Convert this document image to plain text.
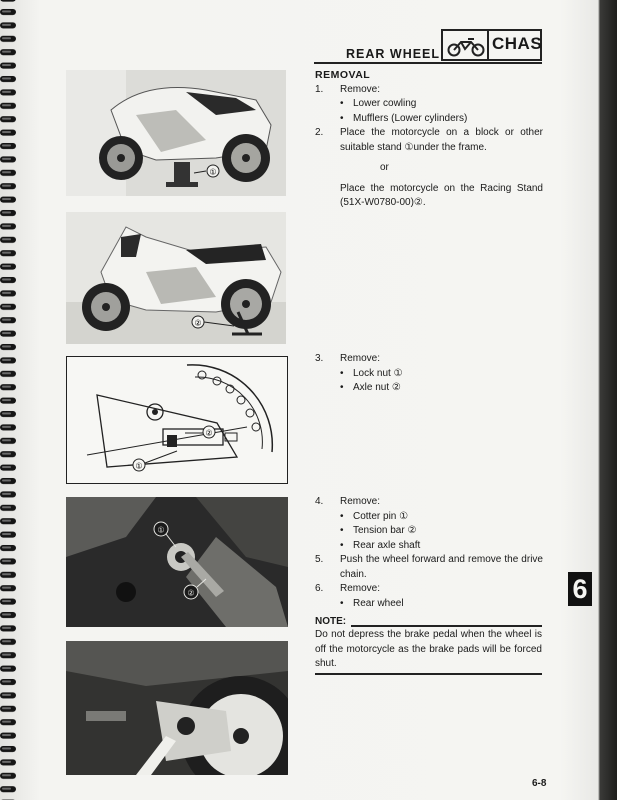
REAR WHEEL
CHAS
①
②
①
②
①
②
REMOVAL
1. Remove:
• Lower cowling
• Mufflers (Lower cylinders)
2. Place the motorcycle on a block or other suitable stand ①under the frame.
or
Place the motorcycle on the Racing Stand (51X-W0780-00)②.
3. Remove:
• Lock nut ①
• Axle nut ②
4. Remove:
• Cotter pin ①
• Tension bar ②
• Rear axle shaft
5. Push the wheel forward and remove the drive chain.
6. Remove:
• Rear wheel
NOTE:
Do not depress the brake pedal when the wheel is off the motorcycle as the brake pads will be forced shut.
6
6-8
